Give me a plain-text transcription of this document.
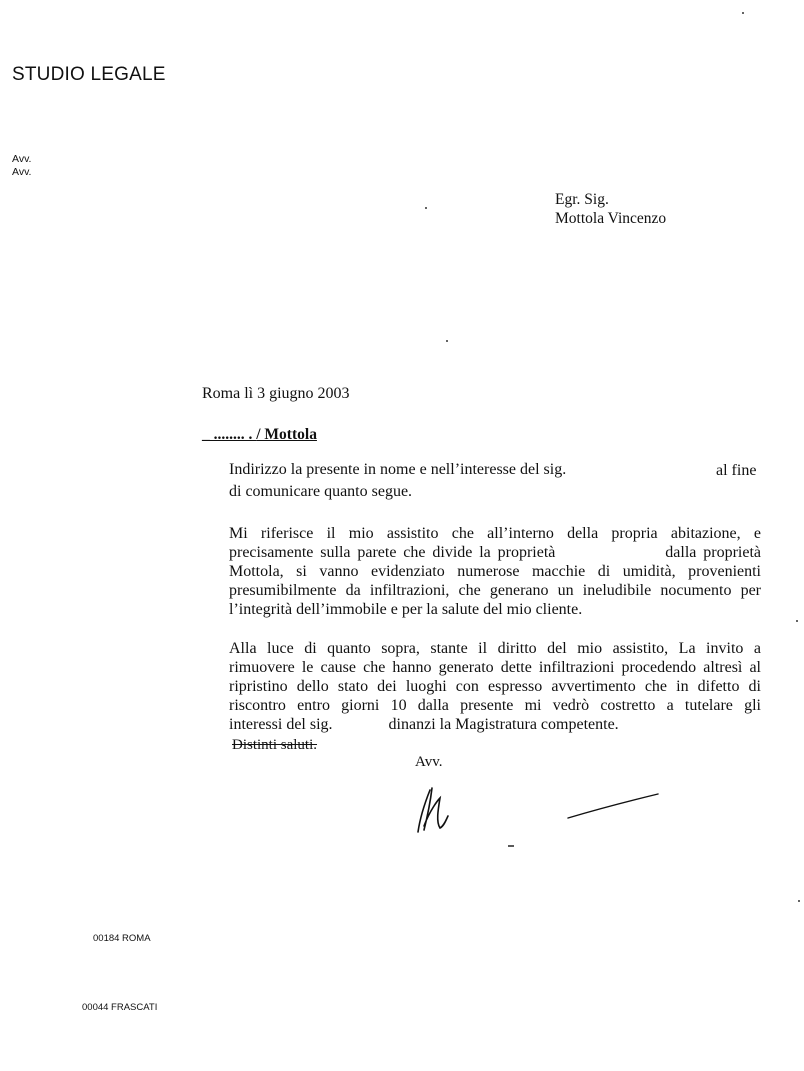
STUDIO LEGALE
Avv.
Avv.
Egr. Sig.
Mottola Vincenzo
Roma lì 3 giugno 2003
_ ........ . / Mottola
Indirizzo la presente in nome e nell’interesse del sig.	al fine
di comunicare quanto segue.
Mi riferisce il mio assistito che all’interno della propria abitazione, e
precisamente sulla parete che divide la proprietà                dalla proprietà
Mottola, si vanno evidenziato numerose macchie di umidità, provenienti
presumibilmente da infiltrazioni, che generano un ineludibile nocumento per
l’integrità dell’immobile e per la salute del mio cliente.
Alla luce di quanto sopra, stante il diritto del mio assistito, La invito a
rimuovere le cause che hanno generato dette infiltrazioni procedendo altresì al
ripristino dello stato dei luoghi con espresso avvertimento che in difetto di
riscontro entro giorni 10 dalla presente mi vedrò costretto a tutelare gli
interessi del sig.              dinanzi la Magistratura competente.
Distinti saluti.
Avv.
00184 ROMA
00044 FRASCATI
